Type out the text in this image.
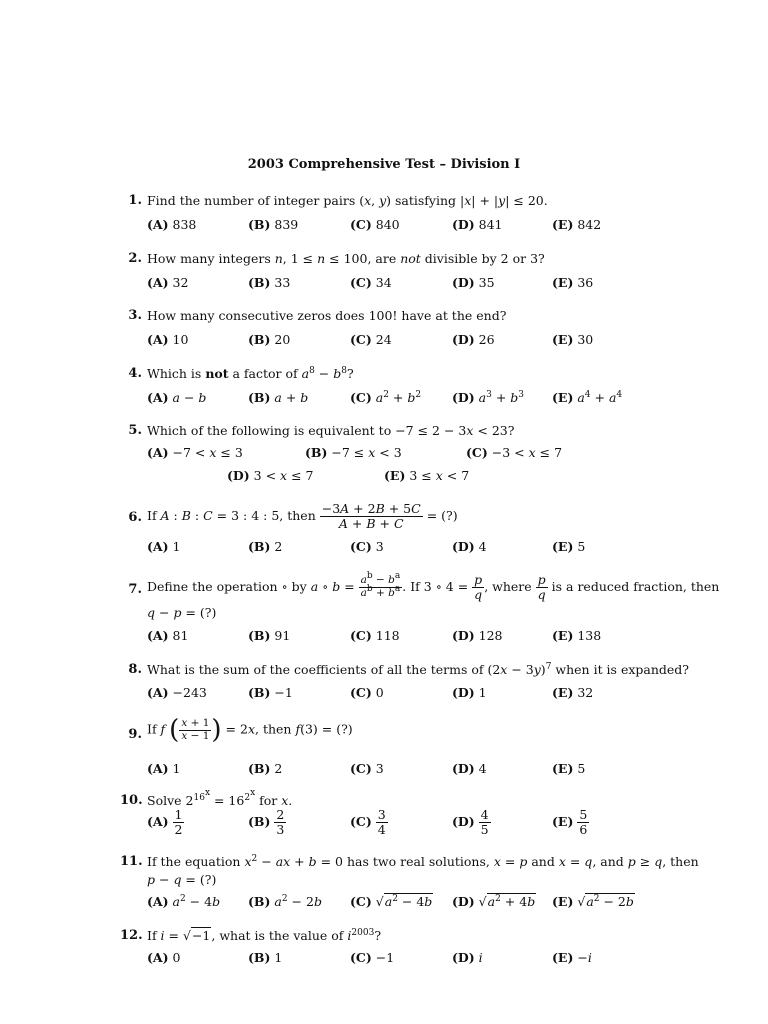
2003 Comprehensive Test – Division I
1. Find the number of integer pairs (x, y) satisfying |x| + |y| ≤ 20.
(A) 838	(B) 839	(C) 840	(D) 841	(E) 842
2. How many integers n, 1 ≤ n ≤ 100, are not divisible by 2 or 3?
(A) 32	(B) 33	(C) 34	(D) 35	(E) 36
3. How many consecutive zeros does 100! have at the end?
(A) 10	(B) 20	(C) 24	(D) 26	(E) 30
4. Which is not a factor of $a^8 - b^8$?
(A) a − b	(B) a + b	(C) $a^2 + b^2$ (D) $a^3 + b^3$ (E) $a^4 + a^4$
5. Which of the following is equivalent to −7 ≤ 2 − 3x < 23?
(A) −7 < x ≤ 3	(B) −7 ≤ x < 3	(C) −3 < x ≤ 7
(D) 3 < x ≤ 7	(E) 3 ≤ x < 7
6. If A : B : C = 3 : 4 : 5, then $\frac{-3A + 2B + 5C}{A + B + C}$ = (?)
(A) 1	(B) 2	(C) 3	(D) 4	(E) 5
7. Define the operation ∘ by a ∘ $b = \frac{a^b - b^a}{a^b + b^a}$ . If 3 ∘ $4 = \frac{p}{q}$ , where $\frac{p}{q}$ is a reduced fraction, then
q − p = (?)
(A) 81	(B) 91	(C) 118	(D) 128	(E) 138
8. What is the sum of the coefficients of all the terms of $(2x - 3y)^7$ when it is expanded?
(A) −243	(B) −1	(C) 0	(D) 1	(E) 32
9. If f ( $\frac{x + 1}{x - 1}$ ) = 2x, then f(3) = (?)
(A) 1	(B) 2	(C) 3	(D) 4	(E) 5
10. Solve $2^{16^x} = 16^{2^x}$ for x.
$(A) \frac{1}{2}$	$(B) \frac{2}{3}$	$(C) \frac{3}{4}$	$(D) \frac{4}{5}$	$(E) \frac{5}{6}$
11. If the equation $x^2$ − ax + b = 0 has two real solutions, x = p and x = q, and p ≥ q, then
p − q = (?)
(A) $a^2 - 4b$ (B) $a^2 - 2b$ (C) $√a^2 - 4b$ (D) $√a^2 + 4b$ (E) $√a^2 - 2b$
12. If i = √−1, what is the value of $i^{2003}$?
(A) 0	(B) 1	(C) −1	(D) i	(E) −i
